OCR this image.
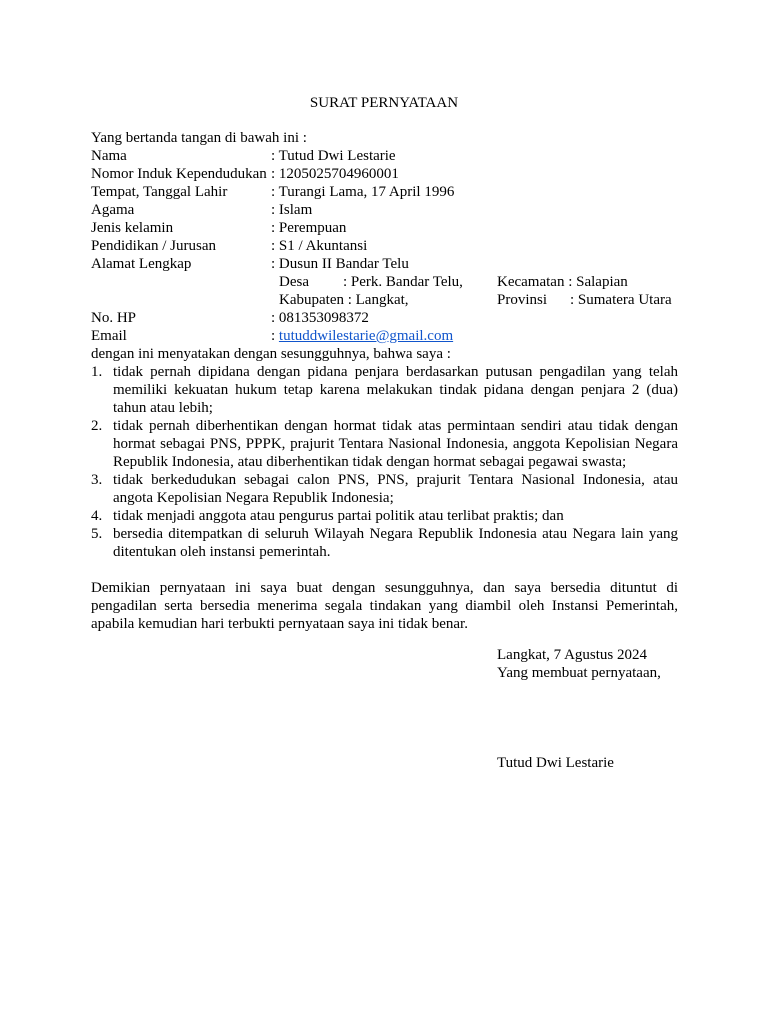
SURAT PERNYATAAN
Yang bertanda tangan di bawah ini :
Nama	: Tutud Dwi Lestarie
Nomor Induk Kependudukan : 1205025704960001
Tempat, Tanggal Lahir	: Turangi Lama, 17 April 1996
Agama	: Islam
Jenis kelamin	: Perempuan
Pendidikan / Jurusan	: S1 / Akuntansi
Alamat Lengkap	: Dusun II Bandar Telu
Desa	: Perk. Bandar Telu, Kecamatan : Salapian
Kabupaten : Langkat,	Provinsi	: Sumatera Utara
No. HP	: 081353098372
Email	: tutuddwilestarie@gmail.com
dengan ini menyatakan dengan sesungguhnya, bahwa saya :
1. tidak pernah dipidana dengan pidana penjara berdasarkan putusan pengadilan yang telah memiliki kekuatan hukum tetap karena melakukan tindak pidana dengan penjara 2 (dua) tahun atau lebih;
2. tidak pernah diberhentikan dengan hormat tidak atas permintaan sendiri atau tidak dengan hormat sebagai PNS, PPPK, prajurit Tentara Nasional Indonesia, anggota Kepolisian Negara Republik Indonesia, atau diberhentikan tidak dengan hormat sebagai pegawai swasta;
3. tidak berkedudukan sebagai calon PNS, PNS, prajurit Tentara Nasional Indonesia, atau angota Kepolisian Negara Republik Indonesia;
4. tidak menjadi anggota atau pengurus partai politik atau terlibat praktis; dan
5. bersedia ditempatkan di seluruh Wilayah Negara Republik Indonesia atau Negara lain yang ditentukan oleh instansi pemerintah.
Demikian pernyataan ini saya buat dengan sesungguhnya, dan saya bersedia dituntut di pengadilan serta bersedia menerima segala tindakan yang diambil oleh Instansi Pemerintah, apabila kemudian hari terbukti pernyataan saya ini tidak benar.
Langkat, 7 Agustus 2024
Yang membuat pernyataan,
Tutud Dwi Lestarie
